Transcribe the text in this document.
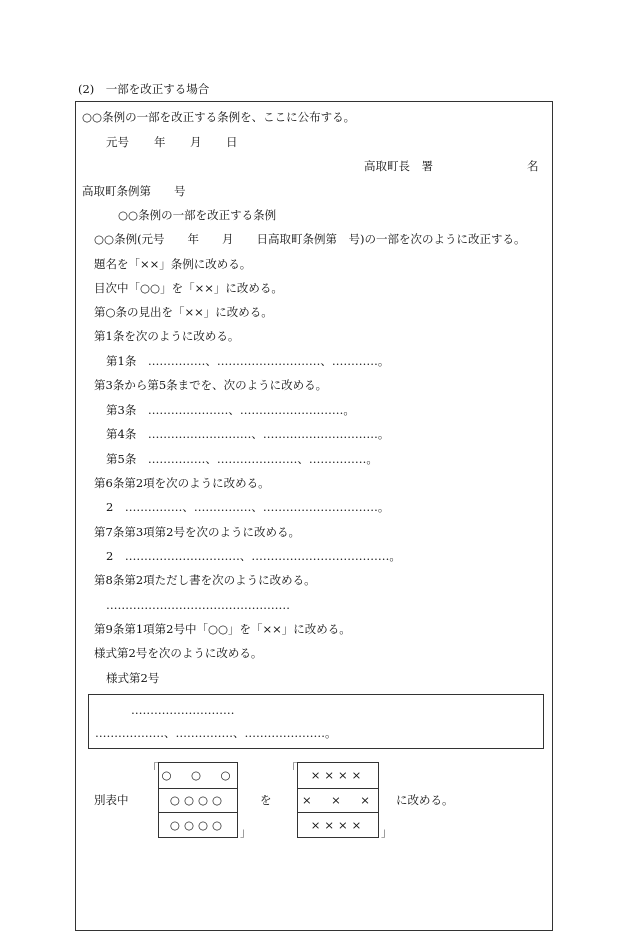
(2)　一部を改正する場合
○○条例の一部を改正する条例を、ここに公布する。
元号 年 月 日
高取町長　署	名
高取町条例第　　号
○○条例の一部を改正する条例
○○条例(元号　　年　　月　　日高取町条例第　号)の一部を次のように改正する。
題名を「××」条例に改める。
目次中「○○」を「××」に改める。
第○条の見出を「××」に改める。
第1条を次のように改める。
第1条　……………、………………………、…………。
第3条から第5条までを、次のように改める。
第3条　…………………、………………………。
第4条　………………………、…………………………。
第5条　……………、…………………、……………。
第6条第2項を次のように改める。
2　……………、……………、…………………………。
第7条第3項第2号を次のように改める。
2　…………………………、………………………………。
第8条第2項ただし書を次のように改める。
…………………………………………
第9条第1項第2号中「○○」を「××」に改める。
様式第2号を次のように改める。
様式第2号
………………………
………………、……………、…………………。
別表中
「 ○　○　○
○○○○
○○○○
」
を
「	××××
×　×　×
××××
」
に改める。
